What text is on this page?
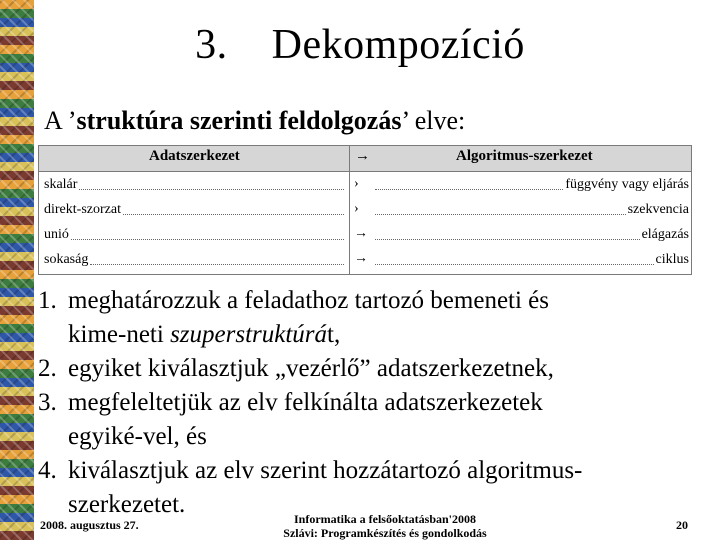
3. Dekompozíció
A ’struktúra szerinti feldolgozás’ elve:
Adatszerkezet	→	Algoritmus-szerkezet
skalár	›	függvény vagy eljárás
direkt-szorzat	›	szekvencia
unió	→	elágazás
sokaság	→	ciklus
1. meghatározzuk a feladathoz tartozó bemeneti és
kime-neti szuperstruktúrát,
2. egyiket kiválasztjuk „vezérlő” adatszerkezetnek,
3. megfeleltetjük az elv felkínálta adatszerkezetek
egyiké-vel, és
4. kiválasztjuk az elv szerint hozzátartozó algoritmus-
szerkezetet.
2008. augusztus 27.	Informatika a felsőoktatásban'2008
Szlávi: Programkészítés és gondolkodás
20
